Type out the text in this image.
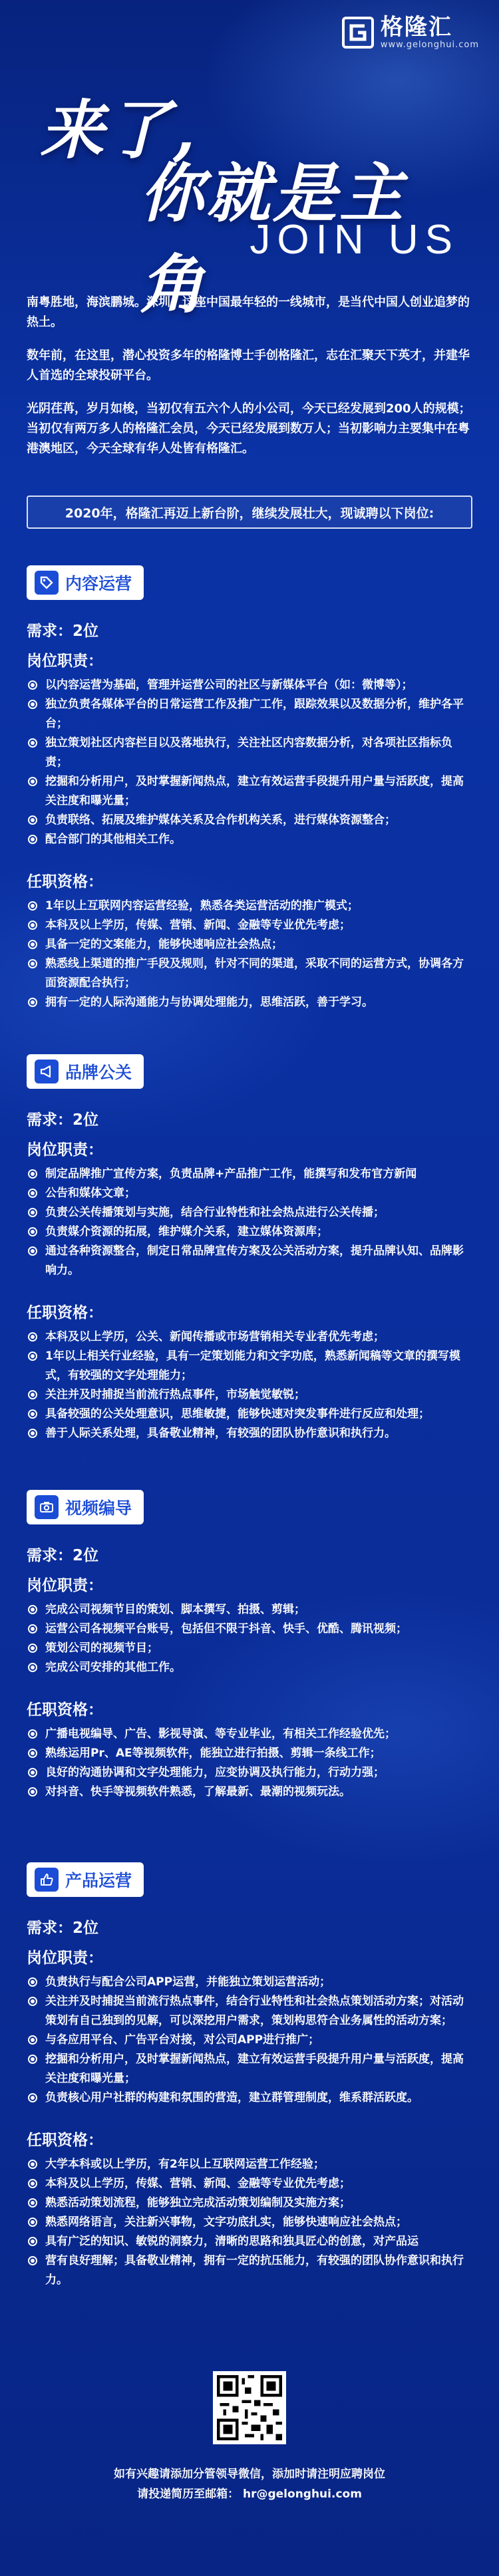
格隆汇
www.gelonghui.com
来了,
你就是主角
JOIN US

南粤胜地，海滨鹏城。深圳，这座中国最年轻的一线城市，是当代中国人创业追梦的热土。

数年前，在这里，潜心投资多年的格隆博士手创格隆汇，志在汇聚天下英才，并建华人首选的全球投研平台。

光阴荏苒，岁月如梭，当初仅有五六个人的小公司，今天已经发展到200人的规模；当初仅有两万多人的格隆汇会员，今天已经发展到数万人；当初影响力主要集中在粤港澳地区，今天全球有华人处皆有格隆汇。

2020年，格隆汇再迈上新台阶，继续发展壮大，现诚聘以下岗位:
内容运营
需求：2位
岗位职责：
以内容运营为基础，管理并运营公司的社区与新媒体平台（如：微博等）；
独立负责各媒体平台的日常运营工作及推广工作，跟踪效果以及数据分析，维护各平台；
独立策划社区内容栏目以及落地执行，关注社区内容数据分析，对各项社区指标负责；
挖掘和分析用户，及时掌握新闻热点，建立有效运营手段提升用户量与活跃度，提高关注度和曝光量；
负责联络、拓展及维护媒体关系及合作机构关系，进行媒体资源整合；
配合部门的其他相关工作。
任职资格：
1年以上互联网内容运营经验，熟悉各类运营活动的推广模式；
本科及以上学历，传媒、营销、新闻、金融等专业优先考虑；
具备一定的文案能力，能够快速响应社会热点；
熟悉线上渠道的推广手段及规则，针对不同的渠道，采取不同的运营方式，协调各方面资源配合执行；
拥有一定的人际沟通能力与协调处理能力，思维活跃，善于学习。
品牌公关
需求：2位
岗位职责：
制定品牌推广宣传方案，负责品牌+产品推广工作，能撰写和发布官方新闻
公告和媒体文章；
负责公关传播策划与实施，结合行业特性和社会热点进行公关传播；
负责媒介资源的拓展，维护媒介关系，建立媒体资源库；
通过各种资源整合，制定日常品牌宣传方案及公关活动方案，提升品牌认知、品牌影响力。
任职资格：
本科及以上学历，公关、新闻传播或市场营销相关专业者优先考虑；
1年以上相关行业经验，具有一定策划能力和文字功底，熟悉新闻稿等文章的撰写模式，有较强的文字处理能力；
关注并及时捕捉当前流行热点事件，市场触觉敏锐；
具备较强的公关处理意识，思维敏捷，能够快速对突发事件进行反应和处理；
善于人际关系处理，具备敬业精神，有较强的团队协作意识和执行力。
视频编导
需求：2位
岗位职责：
完成公司视频节目的策划、脚本撰写、拍摄、剪辑；
运营公司各视频平台账号，包括但不限于抖音、快手、优酷、腾讯视频；
策划公司的视频节目；
完成公司安排的其他工作。
任职资格：
广播电视编导、广告、影视导演、等专业毕业，有相关工作经验优先；
熟练运用Pr、AE等视频软件，能独立进行拍摄、剪辑一条线工作；
良好的沟通协调和文字处理能力，应变协调及执行能力，行动力强；
对抖音、快手等视频软件熟悉，了解最新、最潮的视频玩法。
产品运营
需求：2位
岗位职责：
负责执行与配合公司APP运营，并能独立策划运营活动；
关注并及时捕捉当前流行热点事件，结合行业特性和社会热点策划活动方案；对活动策划有自己独到的见解，可以深挖用户需求，策划构思符合业务属性的活动方案；
与各应用平台、广告平台对接，对公司APP进行推广；
挖掘和分析用户，及时掌握新闻热点，建立有效运营手段提升用户量与活跃度，提高关注度和曝光量；
负责核心用户社群的构建和氛围的营造，建立群管理制度，维系群活跃度。
任职资格：
大学本科或以上学历，有2年以上互联网运营工作经验；
本科及以上学历，传媒、营销、新闻、金融等专业优先考虑；
熟悉活动策划流程，能够独立完成活动策划编制及实施方案；
熟悉网络语言，关注新兴事物，文字功底扎实，能够快速响应社会热点；
具有广泛的知识、敏锐的洞察力，清晰的思路和独具匠心的创意，对产品运
营有良好理解；具备敬业精神，拥有一定的抗压能力，有较强的团队协作意识和执行力。
如有兴趣请添加分管领导微信，添加时请注明应聘岗位
请投递简历至邮箱： hr@gelonghui.com
